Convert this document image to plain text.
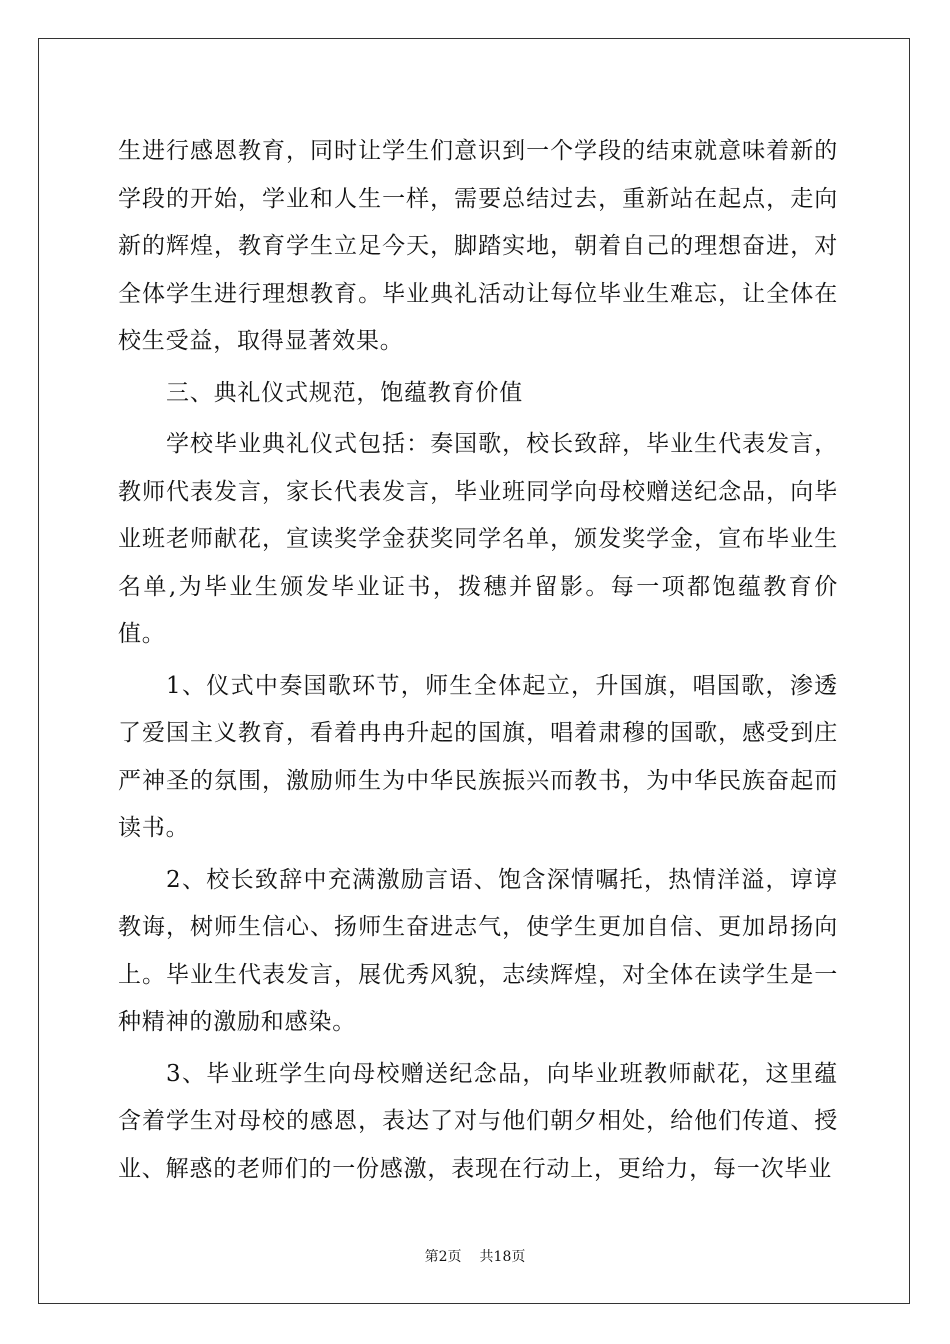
生进行感恩教育，同时让学生们意识到一个学段的结束就意味着新的学段的开始，学业和人生一样，需要总结过去，重新站在起点，走向新的辉煌，教育学生立足今天，脚踏实地，朝着自己的理想奋进，对全体学生进行理想教育。毕业典礼活动让每位毕业生难忘，让全体在校生受益，取得显著效果。

三、典礼仪式规范，饱蕴教育价值

学校毕业典礼仪式包括：奏国歌，校长致辞，毕业生代表发言，教师代表发言，家长代表发言，毕业班同学向母校赠送纪念品，向毕业班老师献花，宣读奖学金获奖同学名单，颁发奖学金，宣布毕业生名单,为毕业生颁发毕业证书，拨穗并留影。每一项都饱蕴教育价值。

1、仪式中奏国歌环节，师生全体起立，升国旗，唱国歌，渗透了爱国主义教育，看着冉冉升起的国旗，唱着肃穆的国歌，感受到庄严神圣的氛围，激励师生为中华民族振兴而教书，为中华民族奋起而读书。

2、校长致辞中充满激励言语、饱含深情嘱托，热情洋溢，谆谆教诲，树师生信心、扬师生奋进志气，使学生更加自信、更加昂扬向上。毕业生代表发言，展优秀风貌，志续辉煌，对全体在读学生是一种精神的激励和感染。

3、毕业班学生向母校赠送纪念品，向毕业班教师献花，这里蕴含着学生对母校的感恩，表达了对与他们朝夕相处，给他们传道、授业、解惑的老师们的一份感激，表现在行动上，更给力，每一次毕业

第2页 共18页
